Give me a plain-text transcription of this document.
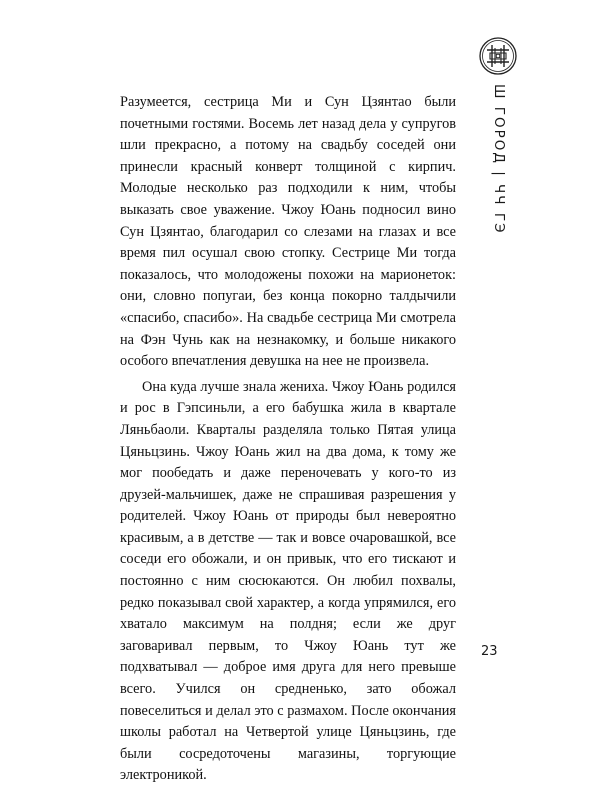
Ш ГОРОД | ЧЧ ГЭ

Разумеется, сестрица Ми и Сун Цзянтао были почетными гостями. Восемь лет назад дела у супругов шли прекрасно, а потому на свадьбу соседей они принесли красный конверт толщиной с кирпич. Молодые несколько раз подходили к ним, чтобы выказать свое уважение. Чжоу Юань подносил вино Сун Цзянтао, благодарил со слезами на глазах и все время пил осушал свою стопку. Сестрице Ми тогда показалось, что молодожены похожи на марионеток: они, словно попугаи, без конца покорно талдычили «спасибо, спасибо». На свадьбе сестрица Ми смотрела на Фэн Чунь как на незнакомку, и больше никакого особого впечатления девушка на нее не произвела.

Она куда лучше знала жениха. Чжоу Юань родился и рос в Гэпсиньли, а его бабушка жила в квартале Ляньбаоли. Кварталы разделяла только Пятая улица Цяньцзинь. Чжоу Юань жил на два дома, к тому же мог пообедать и даже переночевать у кого-то из друзей-мальчишек, даже не спрашивая разрешения у родителей. Чжоу Юань от природы был невероятно красивым, а в детстве — так и вовсе очаровашкой, все соседи его обожали, и он привык, что его тискают и постоянно с ним сюсюкаются. Он любил похвалы, редко показывал свой характер, а когда упрямился, его хватало максимум на полдня; если же друг заговаривал первым, то Чжоу Юань тут же подхватывал — доброе имя друга для него превыше всего. Учился он средненько, зато обожал повеселиться и делал это с размахом. После окончания школы работал на Четвертой улице Цяньцзинь, где были сосредоточены магазины, торгующие электроникой.

23
